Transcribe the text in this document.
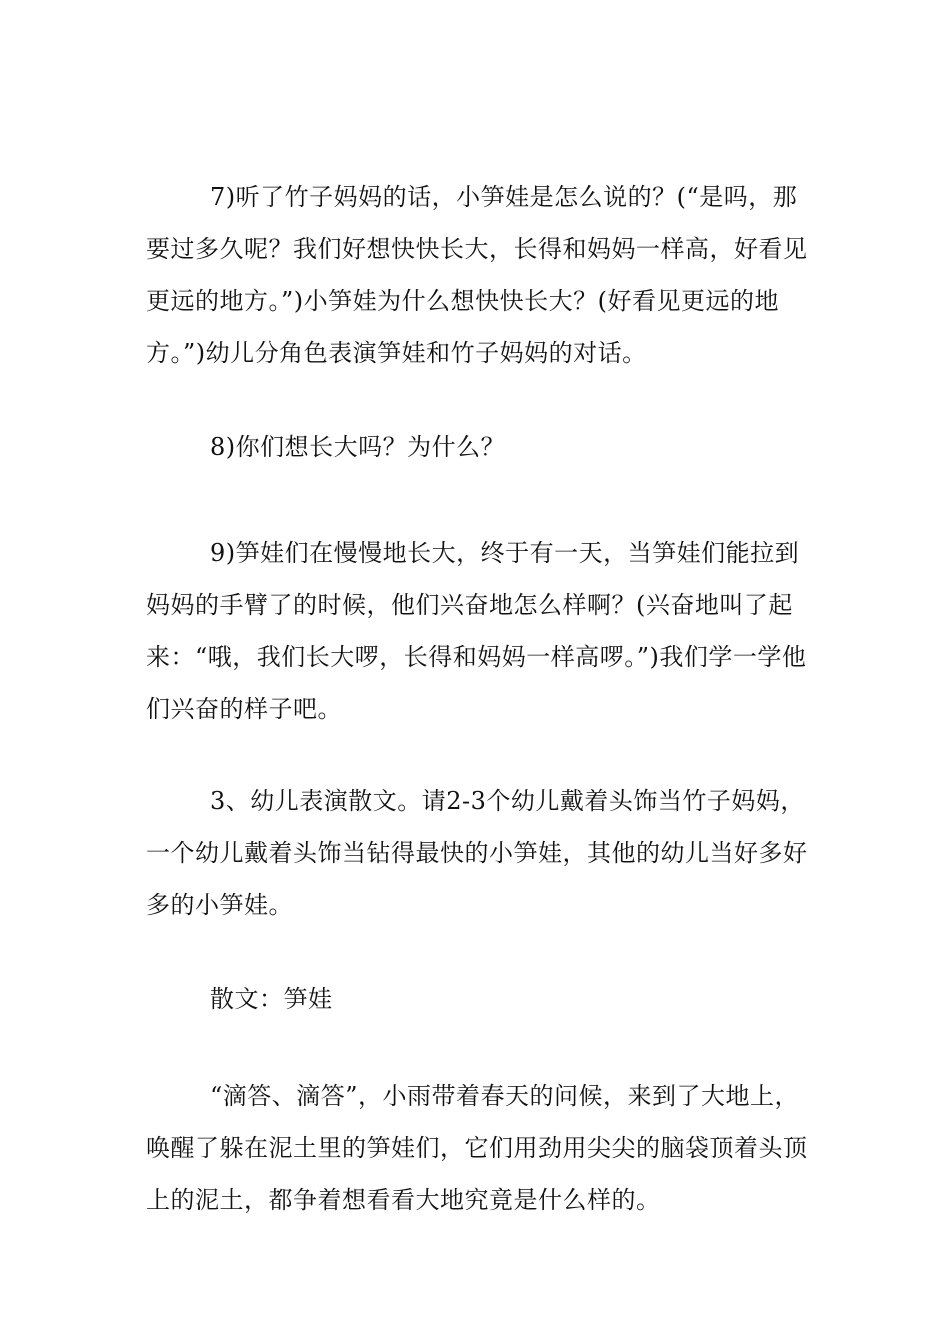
7)听了竹子妈妈的话，小笋娃是怎么说的？(“是吗，那要过多久呢？我们好想快快长大，长得和妈妈一样高，好看见更远的地方。”)小笋娃为什么想快快长大？(好看见更远的地方。”)幼儿分角色表演笋娃和竹子妈妈的对话。

8)你们想长大吗？为什么？

9)笋娃们在慢慢地长大，终于有一天，当笋娃们能拉到妈妈的手臂了的时候，他们兴奋地怎么样啊？(兴奋地叫了起来：“哦，我们长大啰，长得和妈妈一样高啰。”)我们学一学他们兴奋的样子吧。

3、幼儿表演散文。请2-3个幼儿戴着头饰当竹子妈妈，一个幼儿戴着头饰当钻得最快的小笋娃，其他的幼儿当好多好多的小笋娃。

散文：笋娃

“滴答、滴答”，小雨带着春天的问候，来到了大地上，唤醒了躲在泥土里的笋娃们，它们用劲用尖尖的脑袋顶着头顶上的泥土，都争着想看看大地究竟是什么样的。
